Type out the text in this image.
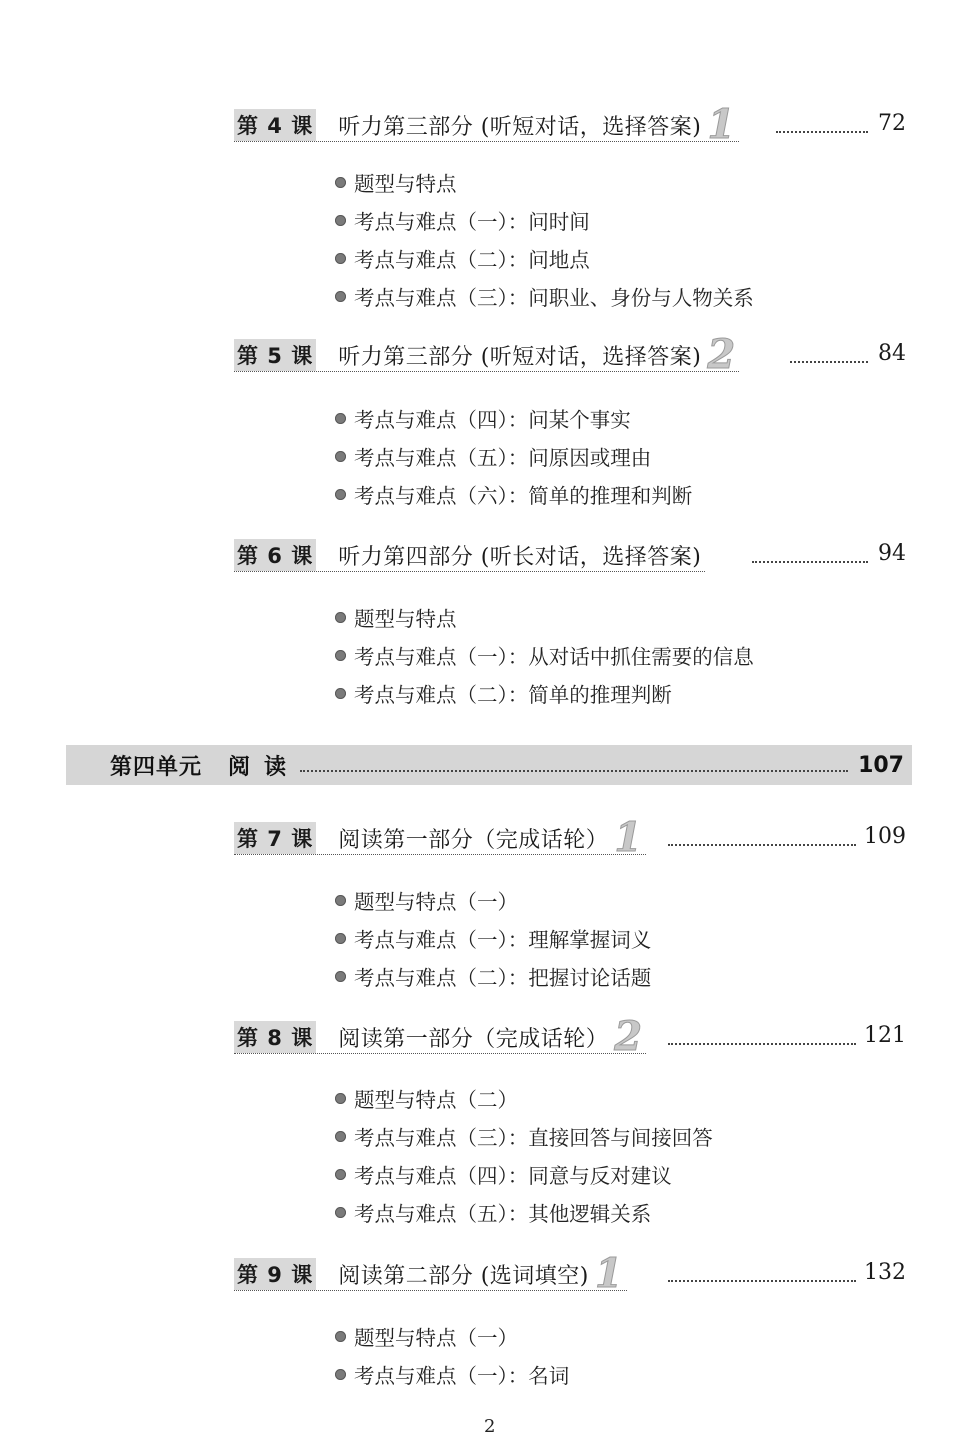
第 4 课 听力第三部分 (听短对话，选择答案) 1	72
题型与特点
考点与难点（一）：问时间
考点与难点（二）：问地点
考点与难点（三）：问职业、身份与人物关系
第 5 课 听力第三部分 (听短对话，选择答案) 2	84
考点与难点（四）：问某个事实
考点与难点（五）：问原因或理由
考点与难点（六）：简单的推理和判断
第 6 课 听力第四部分 (听长对话，选择答案)	94
题型与特点
考点与难点（一）：从对话中抓住需要的信息
考点与难点（二）：简单的推理判断
第四单元 阅读	107
第 7 课 阅读第一部分（完成话轮） 1	109
题型与特点（一）
考点与难点（一）：理解掌握词义
考点与难点（二）：把握讨论话题
第 8 课 阅读第一部分（完成话轮） 2	121
题型与特点（二）
考点与难点（三）：直接回答与间接回答
考点与难点（四）：同意与反对建议
考点与难点（五）：其他逻辑关系
第 9 课 阅读第二部分 (选词填空) 1	132
题型与特点（一）
考点与难点（一）：名词
2
